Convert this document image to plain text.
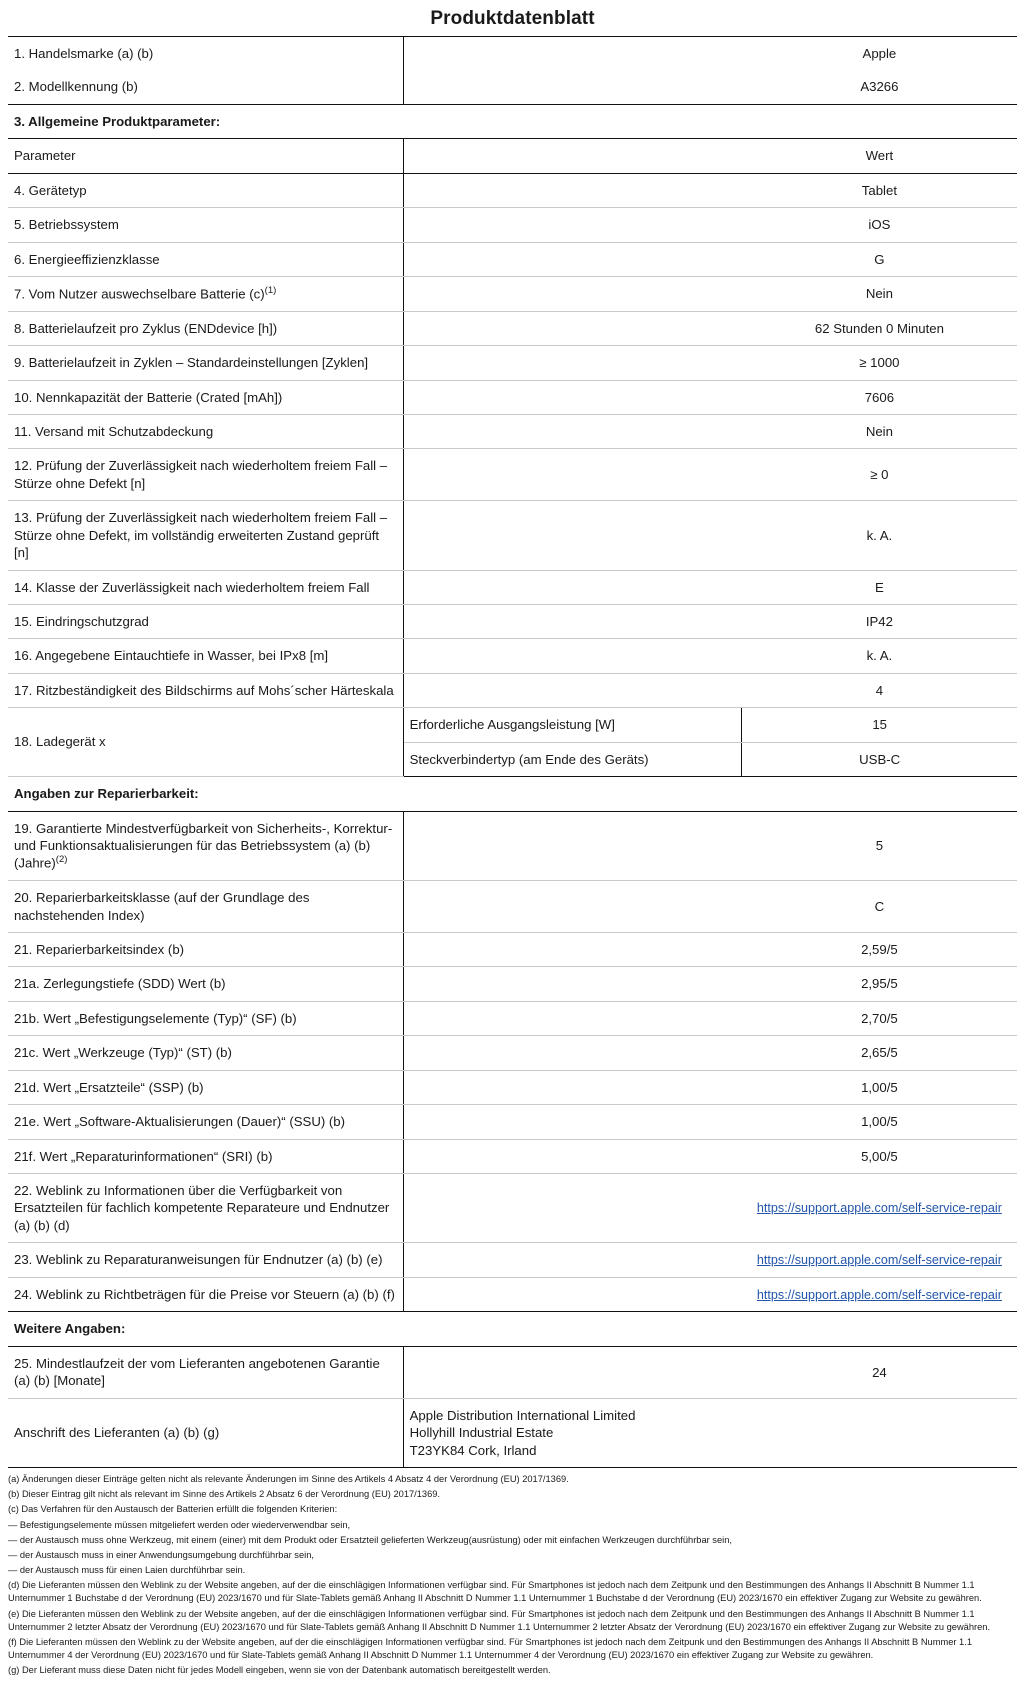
Produktdatenblatt
1. Handelsmarke (a) (b)		Apple
2. Modellkennung (b)		A3266
3. Allgemeine Produktparameter:		
Parameter		Wert
4. Gerätetyp		Tablet
5. Betriebssystem		iOS
6. Energieeffizienzklasse		G
7. Vom Nutzer auswechselbare Batterie $(c)^{(1)}$		Nein
8. Batterielaufzeit pro Zyklus (ENDdevice [h])		62 Stunden 0 Minuten
9. Batterielaufzeit in Zyklen – Standardeinstellungen [Zyklen]		≥ 1000
10. Nennkapazität der Batterie (Crated [mAh])		7606
11. Versand mit Schutzabdeckung		Nein
12. Prüfung der Zuverlässigkeit nach wiederholtem freiem Fall – Stürze ohne Defekt [n]		≥ 0
13. Prüfung der Zuverlässigkeit nach wiederholtem freiem Fall – Stürze ohne Defekt, im vollständig erweiterten Zustand geprüft [n]		k. A.
14. Klasse der Zuverlässigkeit nach wiederholtem freiem Fall		E
15. Eindringschutzgrad		IP42
16. Angegebene Eintauchtiefe in Wasser, bei IPx8 [m]		k. A.
17. Ritzbeständigkeit des Bildschirms auf Mohs´scher Härteskala		4
18. Ladegerät x	Erforderliche Ausgangsleistung [W]	15
	Steckverbindertyp (am Ende des Geräts)	USB-C
Angaben zur Reparierbarkeit:		
19. Garantierte Mindestverfügbarkeit von Sicherheits-, Korrektur- und Funktionsaktualisierungen für das Betriebssystem (a) (b) (Jahre)$^{(2)}$		5
20. Reparierbarkeitsklasse (auf der Grundlage des nachstehenden Index)		C
21. Reparierbarkeitsindex (b)		2,59/5
21a. Zerlegungstiefe (SDD) Wert (b)		2,95/5
21b. Wert „Befestigungselemente (Typ)“ (SF) (b)		2,70/5
21c. Wert „Werkzeuge (Typ)“ (ST) (b)		2,65/5
21d. Wert „Ersatzteile“ (SSP) (b)		1,00/5
21e. Wert „Software-Aktualisierungen (Dauer)“ (SSU) (b)		1,00/5
21f. Wert „Reparaturinformationen“ (SRI) (b)		5,00/5
22. Weblink zu Informationen über die Verfügbarkeit von Ersatzteilen für fachlich kompetente Reparateure und Endnutzer (a) (b) (d)		https://support.apple.com/self-service-repair
23. Weblink zu Reparaturanweisungen für Endnutzer (a) (b) (e)		https://support.apple.com/self-service-repair
24. Weblink zu Richtbeträgen für die Preise vor Steuern (a) (b) (f)		https://support.apple.com/self-service-repair
Weitere Angaben:		
25. Mindestlaufzeit der vom Lieferanten angebotenen Garantie (a) (b) [Monate]		24
Anschrift des Lieferanten (a) (b) (g)	Apple Distribution International Limited
Hollyhill Industrial Estate
T23YK84 Cork, Irland	

(a) Änderungen dieser Einträge gelten nicht als relevante Änderungen im Sinne des Artikels 4 Absatz 4 der Verordnung (EU) 2017/1369.

(b) Dieser Eintrag gilt nicht als relevant im Sinne des Artikels 2 Absatz 6 der Verordnung (EU) 2017/1369.

(c) Das Verfahren für den Austausch der Batterien erfüllt die folgenden Kriterien:

— Befestigungselemente müssen mitgeliefert werden oder wiederverwendbar sein,

— der Austausch muss ohne Werkzeug, mit einem (einer) mit dem Produkt oder Ersatzteil gelieferten Werkzeug(ausrüstung) oder mit einfachen Werkzeugen durchführbar sein,

— der Austausch muss in einer Anwendungsumgebung durchführbar sein,

— der Austausch muss für einen Laien durchführbar sein.

(d) Die Lieferanten müssen den Weblink zu der Website angeben, auf der die einschlägigen Informationen verfügbar sind. Für Smartphones ist jedoch nach dem Zeitpunk und den Bestimmungen des Anhangs II Abschnitt B Nummer 1.1 Unternummer 1 Buchstabe d der Verordnung (EU) 2023/1670 und für Slate-Tablets gemäß Anhang II Abschnitt D Nummer 1.1 Unternummer 1 Buchstabe d der Verordnung (EU) 2023/1670 ein effektiver Zugang zur Website zu gewähren.

(e) Die Lieferanten müssen den Weblink zu der Website angeben, auf der die einschlägigen Informationen verfügbar sind. Für Smartphones ist jedoch nach dem Zeitpunk und den Bestimmungen des Anhangs II Abschnitt B Nummer 1.1 Unternummer 2 letzter Absatz der Verordnung (EU) 2023/1670 und für Slate-Tablets gemäß Anhang II Abschnitt D Nummer 1.1 Unternummer 2 letzter Absatz der Verordnung (EU) 2023/1670 ein effektiver Zugang zur Website zu gewähren.

(f) Die Lieferanten müssen den Weblink zu der Website angeben, auf der die einschlägigen Informationen verfügbar sind. Für Smartphones ist jedoch nach dem Zeitpunk und den Bestimmungen des Anhangs II Abschnitt B Nummer 1.1 Unternummer 4 der Verordnung (EU) 2023/1670 und für Slate-Tablets gemäß Anhang II Abschnitt D Nummer 1.1 Unternummer 4 der Verordnung (EU) 2023/1670 ein effektiver Zugang zur Website zu gewähren.

(g) Der Lieferant muss diese Daten nicht für jedes Modell eingeben, wenn sie von der Datenbank automatisch bereitgestellt werden.
